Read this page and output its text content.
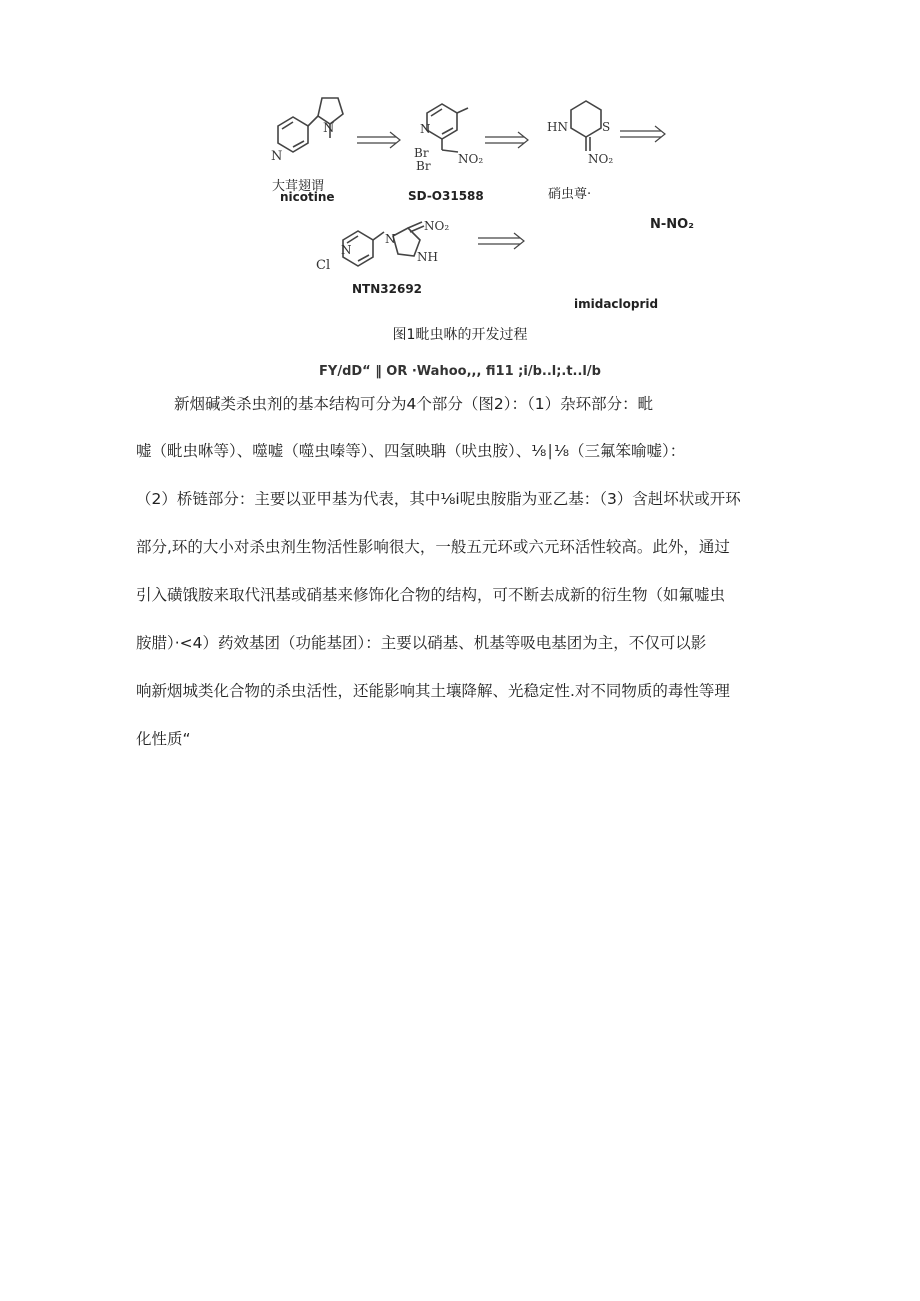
N
N	N
Br
Br NO₂
HN	S
NO₂
Cl
N
N
NH
NO₂
大茸翅谓
nicotine	SD-O31588	硝虫尊·
N-NO₂
NTN32692
imidacloprid
图1毗虫咻的开发过程
FY/dD“ ‖ OR ·Wahoo,,, fi11 ;i/b..l;.t..l/b
新烟碱类杀虫剂的基本结构可分为4个部分（图2）：（1）杂环部分：毗
嘘（毗虫咻等）、噬嘘（噬虫嗪等）、四氢映聃（吠虫胺）、⅛∣⅛（三氟笨喻嘘）：
（2）桥链部分：主要以亚甲基为代表，其中⅛i呢虫胺脂为亚乙基：（3）含赳坏状或开环
部分,环的大小对杀虫剂生物活性影响很大，一般五元环或六元环活性较高。此外，通过
引入磺饿胺来取代汛基或硝基来修饰化合物的结构，可不断去成新的衍生物（如氟嘘虫
胺腊）·<4）药效基团（功能基团）：主要以硝基、机基等吸电基团为主，不仅可以影
响新烟城类化合物的杀虫活性，还能影响其土壤降解、光稳定性.对不同物质的毒性等理
化性质“
